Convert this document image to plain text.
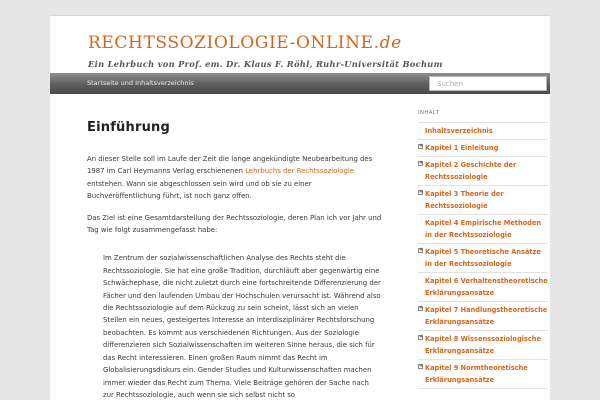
RECHTSSOZIOLOGIE-ONLINE.de
Ein Lehrbuch von Prof. em. Dr. Klaus F. Röhl, Ruhr-Universität Bochum
Startseite und Inhaltsverzeichnis
Suchen
Einführung

An dieser Stelle soll im Laufe der Zeit die lange angekündigte Neubearbeitung des 1987 im Carl Heymanns Verlag erschienenen Lehrbuchs der Rechtssoziologie entstehen. Wann sie abgeschlossen sein wird und ob sie zu einer Buchveröffentlichung führt, ist noch ganz offen.

Das Ziel ist eine Gesamtdarstellung der Rechtssoziologie, deren Plan ich vor Jahr und Tag wie folgt zusammengefasst habe:

Im Zentrum der sozialwissenschaftlichen Analyse des Rechts steht die Rechtssoziologie. Sie hat eine große Tradition, durchläuft aber gegenwärtig eine Schwächephase, die nicht zuletzt durch eine fortschreitende Differenzierung der Fächer und den laufenden Umbau der Hochschulen verursacht ist. Während also die Rechtssoziologie auf dem Rückzug zu sein scheint, lässt sich an vielen Stellen ein neues, gesteigertes Interesse an interdisziplinärer Rechtsforschung beobachten. Es kommt aus verschiedenen Richtungen. Aus der Soziologie differenzieren sich Sozialwissenschaften im weiteren Sinne heraus, die sich für das Recht interessieren. Einen großen Raum nimmt das Recht im Globalisierungsdiskurs ein. Gender Studies und Kulturwissenschaften machen immer wieder das Recht zum Thema. Viele Beiträge gehören der Sache nach zur Rechtssoziologie, auch wenn sie sich selbst nicht so

INHALT
Inhaltsverzeichnis
+ Kapitel 1 Einleitung
+ Kapitel 2 Geschichte der Rechtssoziologie
+ Kapitel 3 Theorie der Rechtssoziologie
Kapitel 4 Empirische Methoden in der Rechtssoziologie
+ Kapitel 5 Theoretische Ansätze in der Rechtssoziologie
Kapitel 6 Verhaltenstheoretische Erklärungsansätze
+ Kapitel 7 Handlungstheoretische Erklärungsansätze
+ Kapitel 8 Wissenssoziologische Erklärungsansätze
+ Kapitel 9 Normtheoretische Erklärungsansätze
